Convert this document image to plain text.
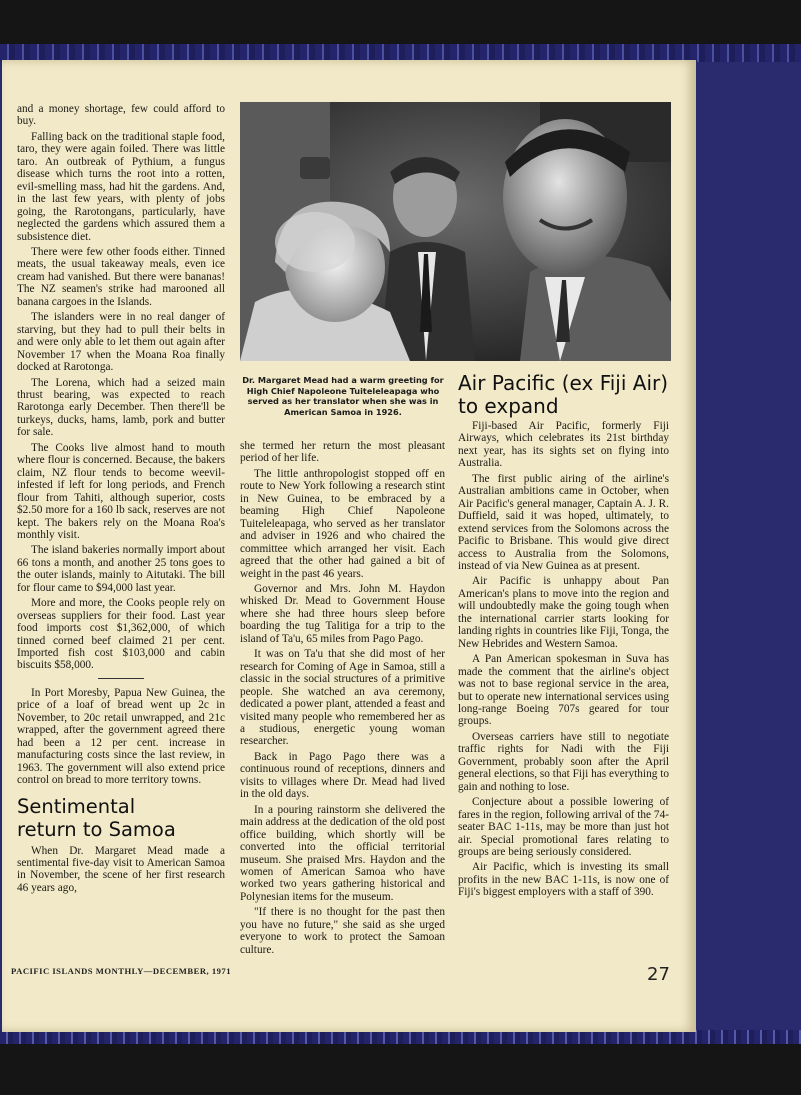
and a money shortage, few could afford to buy.

Falling back on the traditional staple food, taro, they were again foiled. There was little taro. An outbreak of Pythium, a fungus disease which turns the root into a rotten, evil-smelling mass, had hit the gardens. And, in the last few years, with plenty of jobs going, the Rarotongans, particularly, have neglected the gardens which assured them a subsistence diet.

There were few other foods either. Tinned meats, the usual takeaway meals, even ice cream had vanished. But there were bananas! The NZ seamen's strike had marooned all banana cargoes in the Islands.

The islanders were in no real danger of starving, but they had to pull their belts in and were only able to let them out again after November 17 when the Moana Roa finally docked at Rarotonga.

The Lorena, which had a seized main thrust bearing, was expected to reach Rarotonga early December. Then there'll be turkeys, ducks, hams, lamb, pork and butter for sale.

The Cooks live almost hand to mouth where flour is concerned. Because, the bakers claim, NZ flour tends to become weevil-infested if left for long periods, and French flour from Tahiti, although superior, costs $2.50 more for a 160 lb sack, reserves are not kept. The bakers rely on the Moana Roa's monthly visit.

The island bakeries normally import about 66 tons a month, and another 25 tons goes to the outer islands, mainly to Aitutaki. The bill for flour came to $94,000 last year.

More and more, the Cooks people rely on overseas suppliers for their food. Last year food imports cost $1,362,000, of which tinned corned beef claimed 21 per cent. Imported fish cost $103,000 and cabin biscuits $58,000.

In Port Moresby, Papua New Guinea, the price of a loaf of bread went up 2c in November, to 20c retail unwrapped, and 21c wrapped, after the government agreed there had been a 12 per cent. increase in manufacturing costs since the last review, in 1963. The government will also extend price control on bread to more territory towns.

Sentimental return to Samoa

When Dr. Margaret Mead made a sentimental five-day visit to American Samoa in November, the scene of her first research 46 years ago,

Dr. Margaret Mead had a warm greeting for High Chief Napoleone Tuiteleleapaga who served as her translator when she was in American Samoa in 1926.

she termed her return the most pleasant period of her life.

The little anthropologist stopped off en route to New York following a research stint in New Guinea, to be embraced by a beaming High Chief Napoleone Tuiteleleapaga, who served as her translator and adviser in 1926 and who chaired the committee which arranged her visit. Each agreed that the other had gained a bit of weight in the past 46 years.

Governor and Mrs. John M. Haydon whisked Dr. Mead to Government House where she had three hours sleep before boarding the tug Talitiga for a trip to the island of Ta'u, 65 miles from Pago Pago.

It was on Ta'u that she did most of her research for Coming of Age in Samoa, still a classic in the social structures of a primitive people. She watched an ava ceremony, dedicated a power plant, attended a feast and visited many people who remembered her as a studious, energetic young woman researcher.

Back in Pago Pago there was a continuous round of receptions, dinners and visits to villages where Dr. Mead had lived in the old days.

In a pouring rainstorm she delivered the main address at the dedication of the old post office building, which shortly will be converted into the official territorial museum. She praised Mrs. Haydon and the women of American Samoa who have worked two years gathering historical and Polynesian items for the museum.

"If there is no thought for the past then you have no future," she said as she urged everyone to work to protect the Samoan culture.

Air Pacific (ex Fiji Air) to expand

Fiji-based Air Pacific, formerly Fiji Airways, which celebrates its 21st birthday next year, has its sights set on flying into Australia.

The first public airing of the airline's Australian ambitions came in October, when Air Pacific's general manager, Captain A. J. R. Duffield, said it was hoped, ultimately, to extend services from the Solomons across the Pacific to Brisbane. This would give direct access to Australia from the Solomons, instead of via New Guinea as at present.

Air Pacific is unhappy about Pan American's plans to move into the region and will undoubtedly make the going tough when the international carrier starts looking for landing rights in countries like Fiji, Tonga, the New Hebrides and Western Samoa.

A Pan American spokesman in Suva has made the comment that the airline's object was not to base regional service in the area, but to operate new international services using long-range Boeing 707s geared for tour groups.

Overseas carriers have still to negotiate traffic rights for Nadi with the Fiji Government, probably soon after the April general elections, so that Fiji has everything to gain and nothing to lose.

Conjecture about a possible lowering of fares in the region, following arrival of the 74-seater BAC 1-11s, may be more than just hot air. Special promotional fares relating to groups are being seriously considered.

Air Pacific, which is investing its small profits in the new BAC 1-11s, is now one of Fiji's biggest employers with a staff of 390.

PACIFIC ISLANDS MONTHLY—DECEMBER, 1971	27
